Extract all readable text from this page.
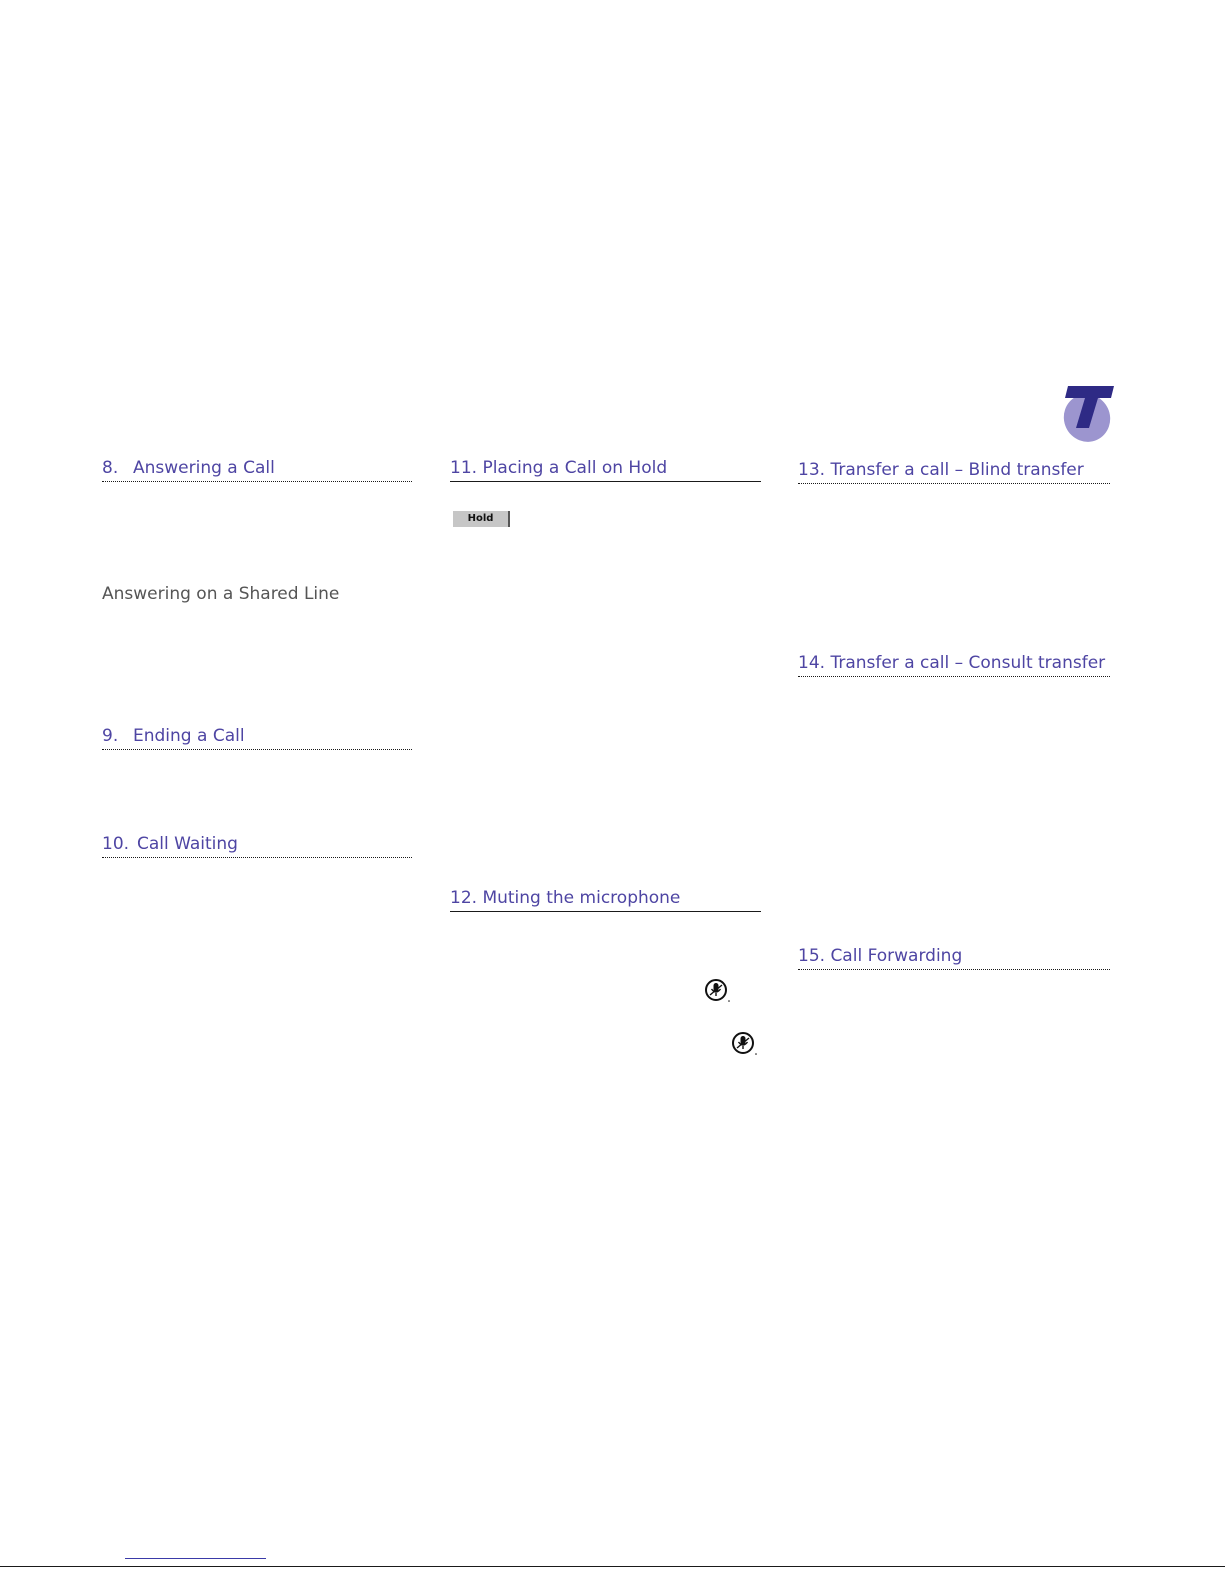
8. Answering a Call
Answering on a Shared Line
9. Ending a Call
10. Call Waiting
11. Placing a Call on Hold
Hold
12. Muting the microphone
13. Transfer a call – Blind transfer
14. Transfer a call – Consult transfer
15. Call Forwarding
